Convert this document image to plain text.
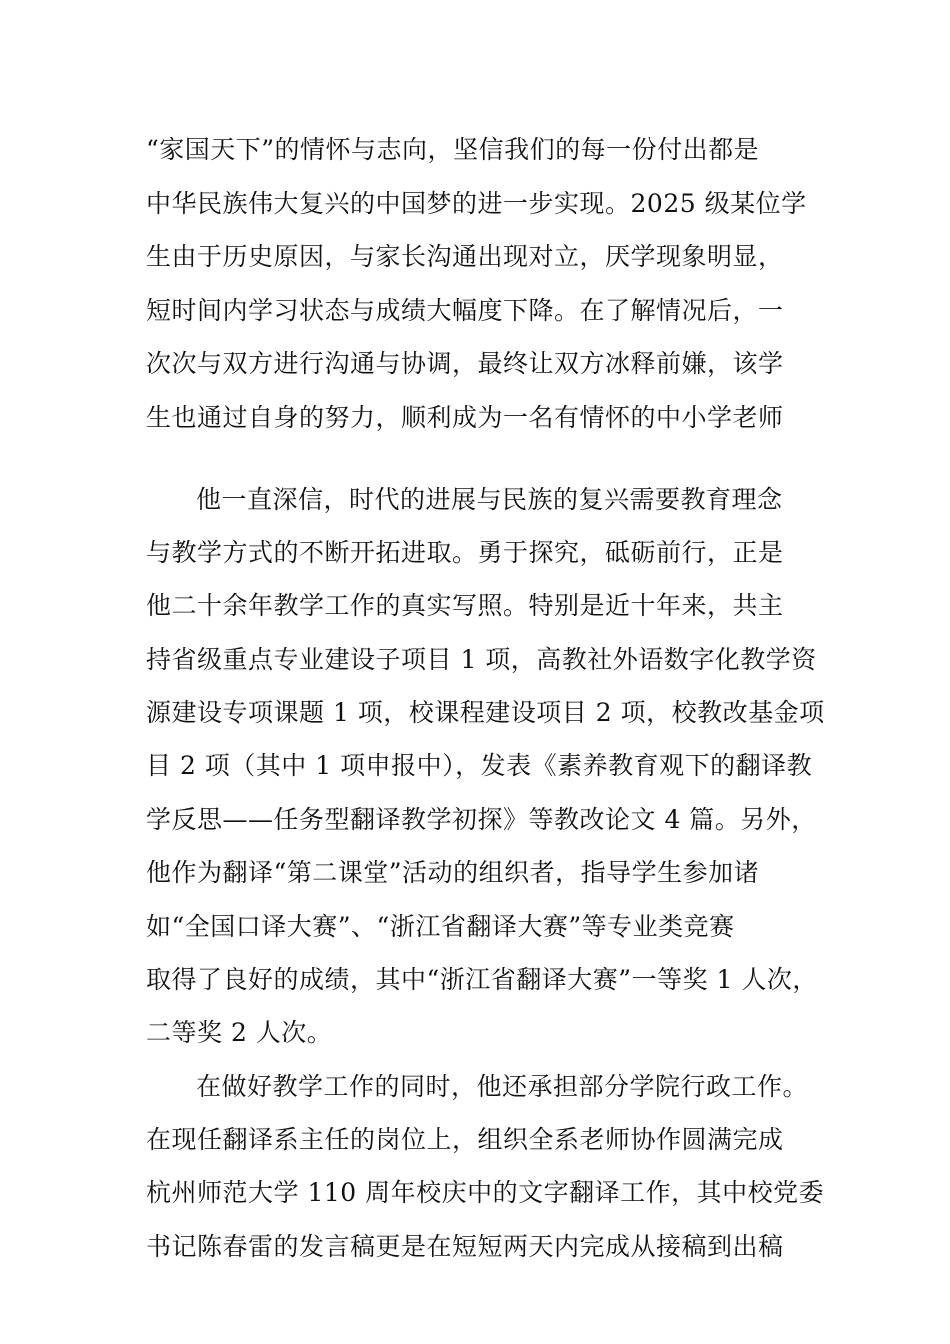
“家国天下”的情怀与志向，坚信我们的每一份付出都是
中华民族伟大复兴的中国梦的进一步实现。2025 级某位学
生由于历史原因，与家长沟通出现对立，厌学现象明显，
短时间内学习状态与成绩大幅度下降。在了解情况后，一
次次与双方进行沟通与协调，最终让双方冰释前嫌，该学
生也通过自身的努力，顺利成为一名有情怀的中小学老师
他一直深信，时代的进展与民族的复兴需要教育理念
与教学方式的不断开拓进取。勇于探究，砥砺前行，正是
他二十余年教学工作的真实写照。特别是近十年来，共主
持省级重点专业建设子项目 1 项，高教社外语数字化教学资
源建设专项课题 1 项，校课程建设项目 2 项，校教改基金项
目 2 项（其中 1 项申报中），发表《素养教育观下的翻译教
学反思——任务型翻译教学初探》等教改论文 4 篇。另外，
他作为翻译“第二课堂”活动的组织者，指导学生参加诸
如“全国口译大赛”、“浙江省翻译大赛”等专业类竞赛
取得了良好的成绩，其中“浙江省翻译大赛”一等奖 1 人次，
二等奖 2 人次。
在做好教学工作的同时，他还承担部分学院行政工作。
在现任翻译系主任的岗位上，组织全系老师协作圆满完成
杭州师范大学 110 周年校庆中的文字翻译工作，其中校党委
书记陈春雷的发言稿更是在短短两天内完成从接稿到出稿
